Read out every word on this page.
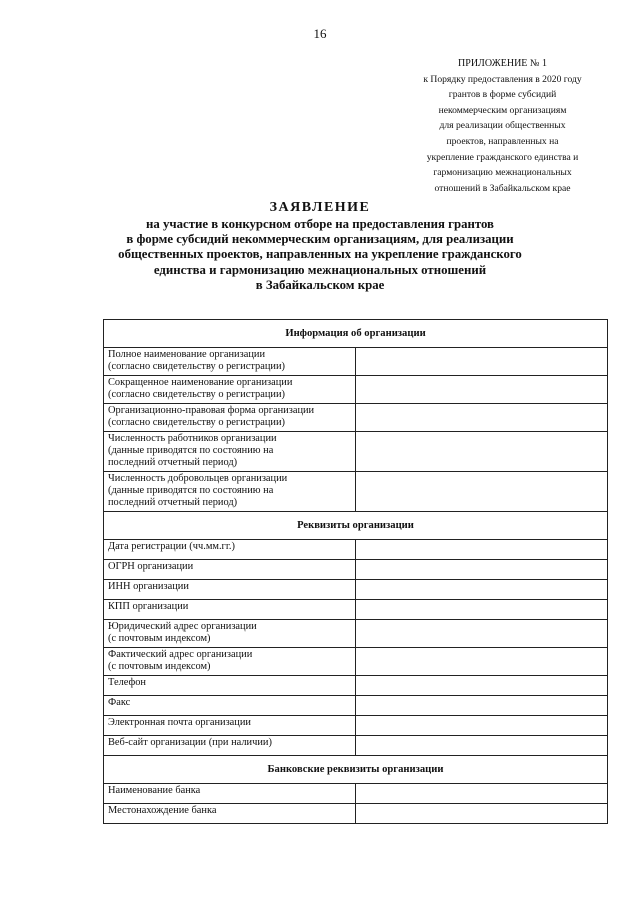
16
ПРИЛОЖЕНИЕ № 1
к Порядку предоставления в 2020 году
грантов в форме субсидий
некоммерческим организациям
для реализации общественных
проектов, направленных на
укрепление гражданского единства и
гармонизацию межнациональных
отношений в Забайкальском крае
ЗАЯВЛЕНИЕ
на участие в конкурсном отборе на предоставления грантов
в форме субсидий некоммерческим организациям, для реализации
общественных проектов, направленных на укрепление гражданского
единства и гармонизацию межнациональных отношений
в Забайкальском крае
Информация об организации	

Полное наименование организации
(согласно свидетельству о регистрации)	

Сокращенное наименование организации
(согласно свидетельству о регистрации)	

Организационно-правовая форма организации
(согласно свидетельству о регистрации)	

Численность работников организации
(данные приводятся по состоянию на
последний отчетный период)	

Численность добровольцев организации
(данные приводятся по состоянию на
последний отчетный период)	

Реквизиты организации	

Дата регистрации (чч.мм.гг.)	

ОГРН организации	

ИНН организации	

КПП организации	

Юридический адрес организации
(с почтовым индексом)	

Фактический адрес организации
(с почтовым индексом)	

Телефон	

Факс	

Электронная почта организации	

Веб-сайт организации (при наличии)	

Банковские реквизиты организации	

Наименование банка	

Местонахождение банка	
